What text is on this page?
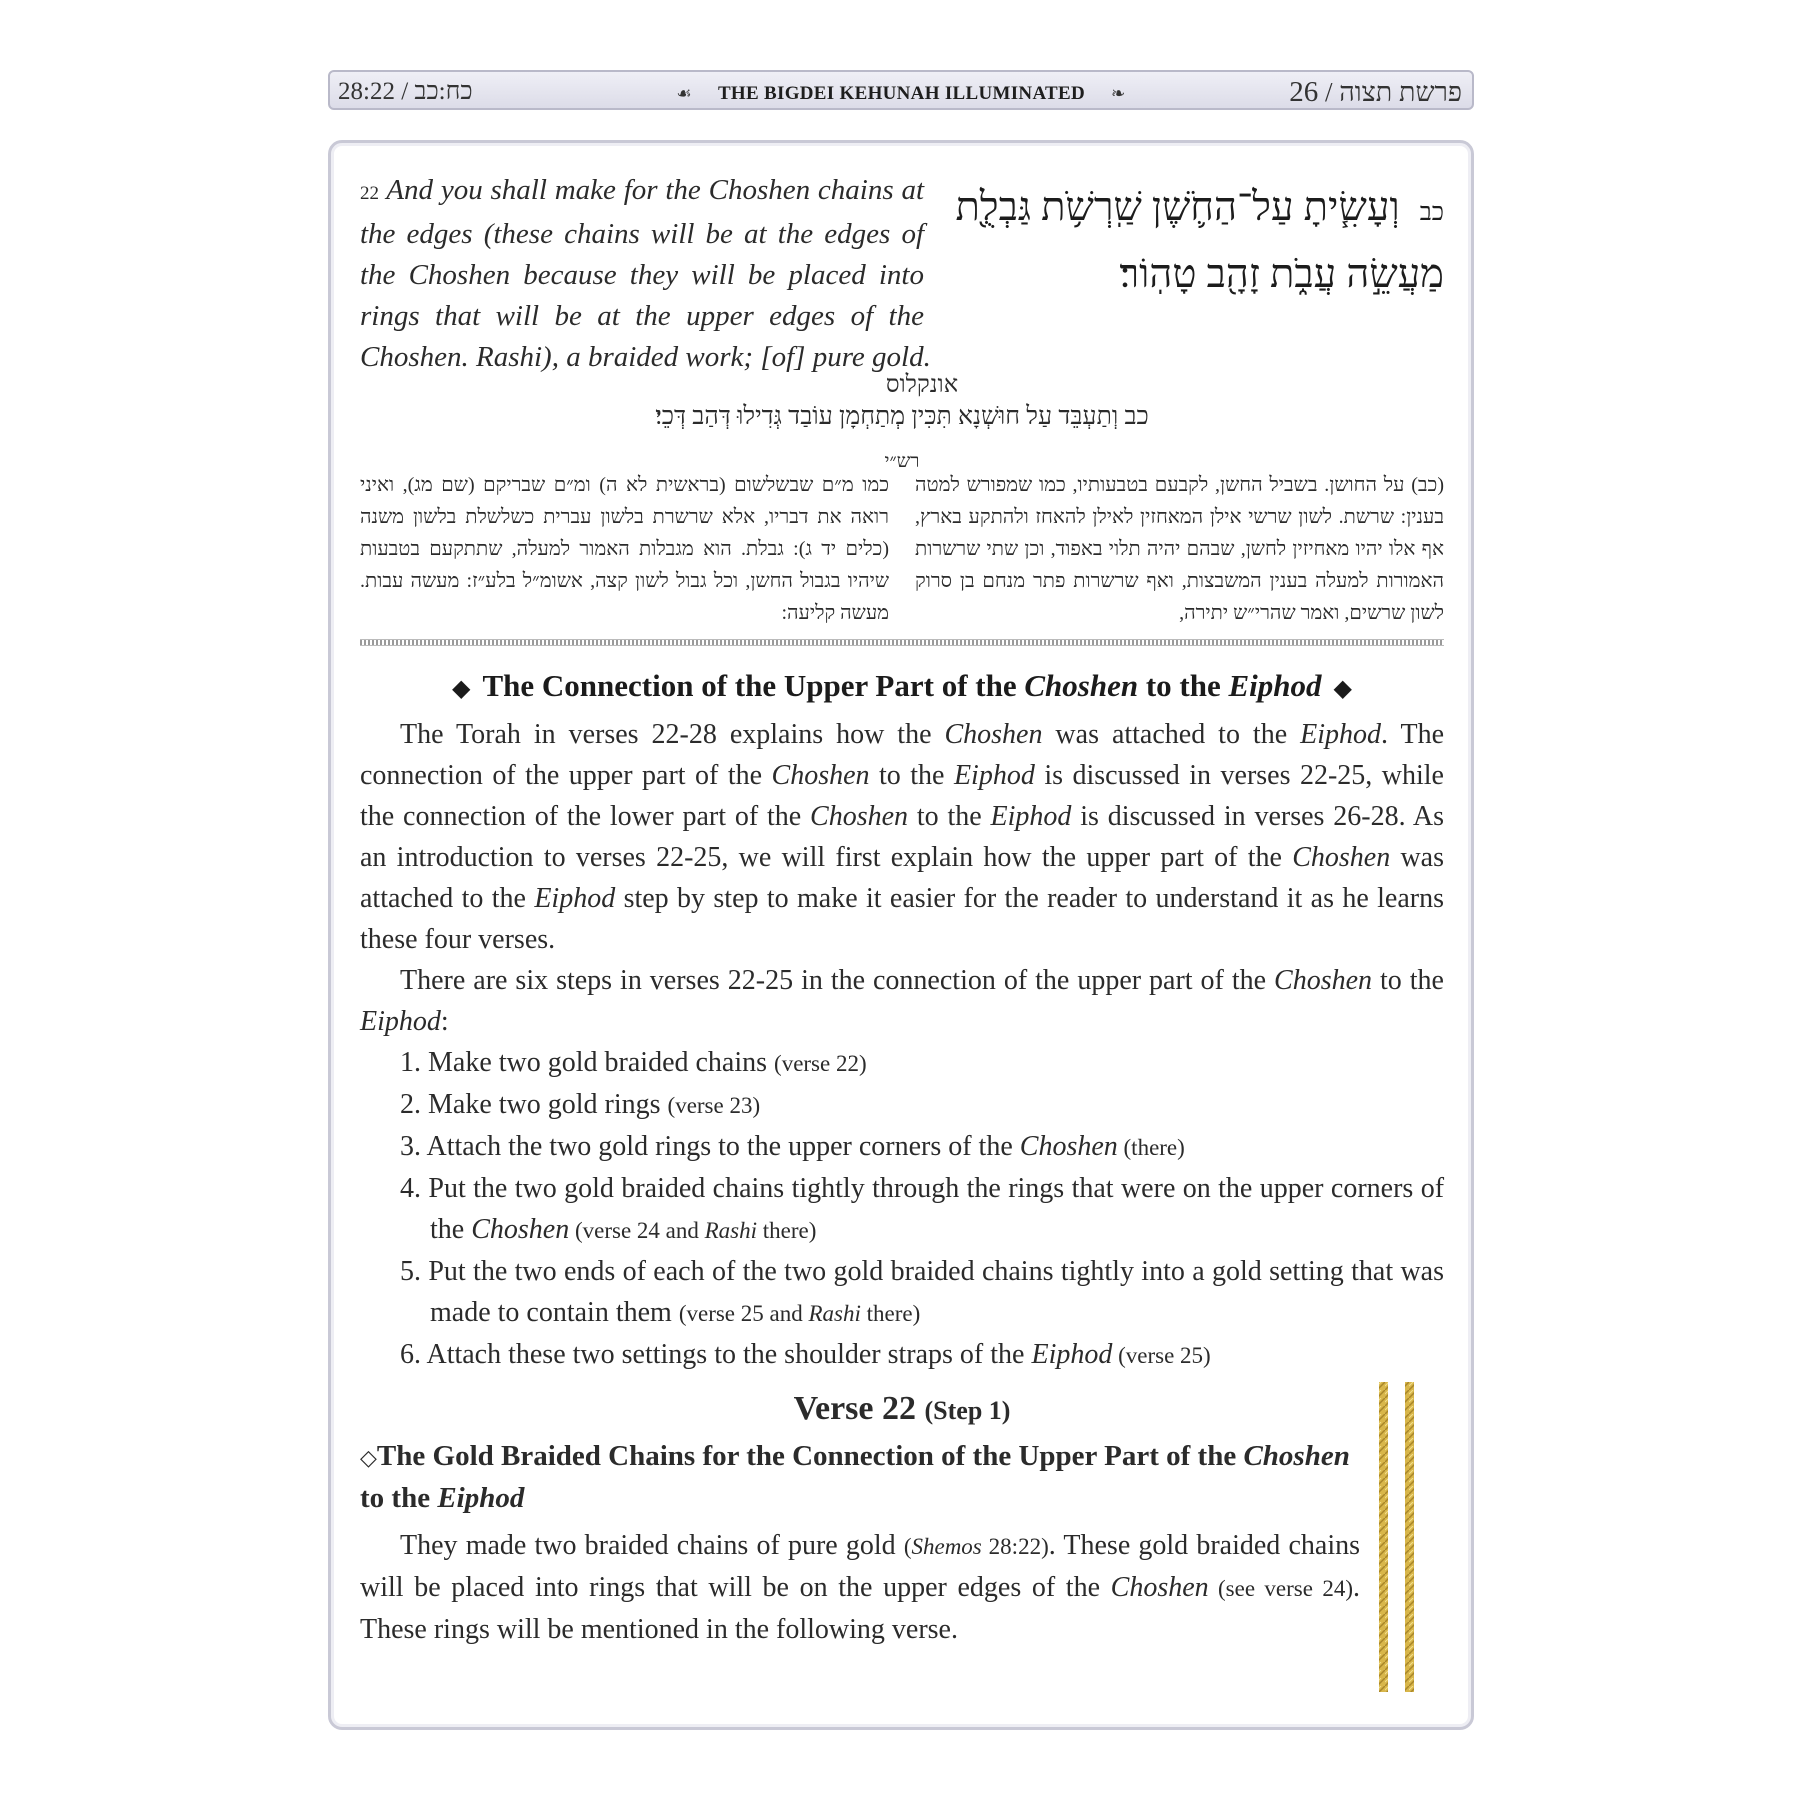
28:22 / כח:כב	☙ THE BIGDEI KEHUNAH ILLUMINATED ❧	פרשת תצוה / 26
כב וְעָשִׂ֧יתָ עַל־הַחֹ֛שֶׁן שַֽׁרְשֹׁ֥ת גַּבְלֻ֖ת מַעֲשֵׂ֣ה עֲבֹ֑ת זָהָ֖ב טָהֽוֹר׃
22 And you shall make for the Choshen chains at the edges (these chains will be at the edges of the Choshen because they will be placed into rings that will be at the upper edges of the Choshen. Rashi), a braided work; [of] pure gold.
אונקלוס
כב וְתַעְבֵּד עַל חוּשְׁנָא תִּכִּין מְתַחְמָן עוֹבַד גְּדִילוּ דְּהַב דְּכֵי׃
רש״י
(כב) על החושן. בשביל החשן, לקבעם בטבעותיו, כמו שמפורש למטה בענין: שרשת. לשון שרשי אילן המאחזין לאילן להאחז ולהתקע בארץ, אף אלו יהיו מאחיזין לחשן, שבהם יהיה תלוי באפוד, וכן שתי שרשרות האמורות למעלה בענין המשבצות, ואף שרשרות פתר מנחם בן סרוק לשון שרשים, ואמר שהרי״ש יתירה,
כמו מ״ם שבשלשום (בראשית לא ה) ומ״ם שבריקם (שם מג), ואיני רואה את דבריו, אלא שרשרת בלשון עברית כשלשלת בלשון משנה (כלים יד ג): גבלת. הוא מגבלות האמור למעלה, שתתקעם בטבעות שיהיו בגבול החשן, וכל גבול לשון קצה, אשומ״ל בלע״ז: מעשה עבות. מעשה קליעה:
◆ The Connection of the Upper Part of the Choshen to the Eiphod ◆

The Torah in verses 22-28 explains how the Choshen was attached to the Eiphod. The connection of the upper part of the Choshen to the Eiphod is discussed in verses 22-25, while the connection of the lower part of the Choshen to the Eiphod is discussed in verses 26-28. As an introduction to verses 22-25, we will first explain how the upper part of the Choshen was attached to the Eiphod step by step to make it easier for the reader to understand it as he learns these four verses.

There are six steps in verses 22-25 in the connection of the upper part of the Choshen to the Eiphod:

1. Make two gold braided chains (verse 22)
2. Make two gold rings (verse 23)
3. Attach the two gold rings to the upper corners of the Choshen (there)
4. Put the two gold braided chains tightly through the rings that were on the upper corners of the Choshen (verse 24 and Rashi there)
5. Put the two ends of each of the two gold braided chains tightly into a gold setting that was made to contain them (verse 25 and Rashi there)
6. Attach these two settings to the shoulder straps of the Eiphod (verse 25)
Verse 22 (Step 1)
◇The Gold Braided Chains for the Connection of the Upper Part of the Choshen to the Eiphod

They made two braided chains of pure gold (Shemos 28:22). These gold braided chains will be placed into rings that will be on the upper edges of the Choshen (see verse 24). These rings will be mentioned in the following verse.
